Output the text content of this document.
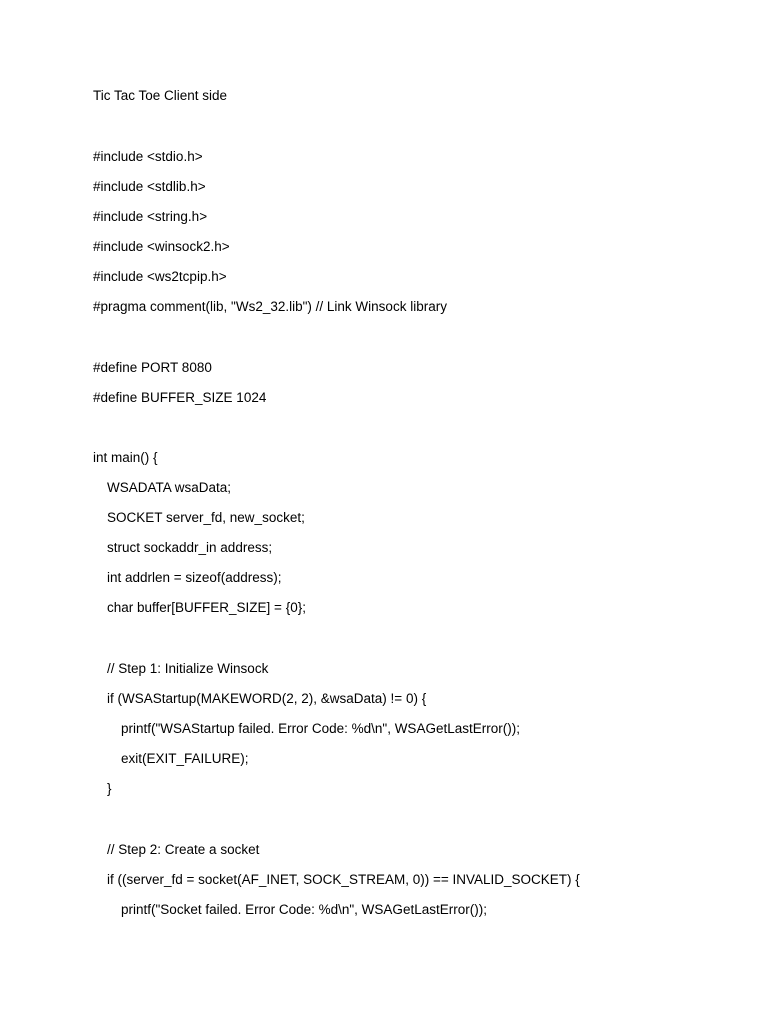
Tic Tac Toe Client side
#include <stdio.h>
#include <stdlib.h>
#include <string.h>
#include <winsock2.h>
#include <ws2tcpip.h>
#pragma comment(lib, "Ws2_32.lib") // Link Winsock library
#define PORT 8080
#define BUFFER_SIZE 1024
int main() {
WSADATA wsaData;
SOCKET server_fd, new_socket;
struct sockaddr_in address;
int addrlen = sizeof(address);
char buffer[BUFFER_SIZE] = {0};
// Step 1: Initialize Winsock
if (WSAStartup(MAKEWORD(2, 2), &wsaData) != 0) {
printf("WSAStartup failed. Error Code: %d\n", WSAGetLastError());
exit(EXIT_FAILURE);
}
// Step 2: Create a socket
if ((server_fd = socket(AF_INET, SOCK_STREAM, 0)) == INVALID_SOCKET) {
printf("Socket failed. Error Code: %d\n", WSAGetLastError());
